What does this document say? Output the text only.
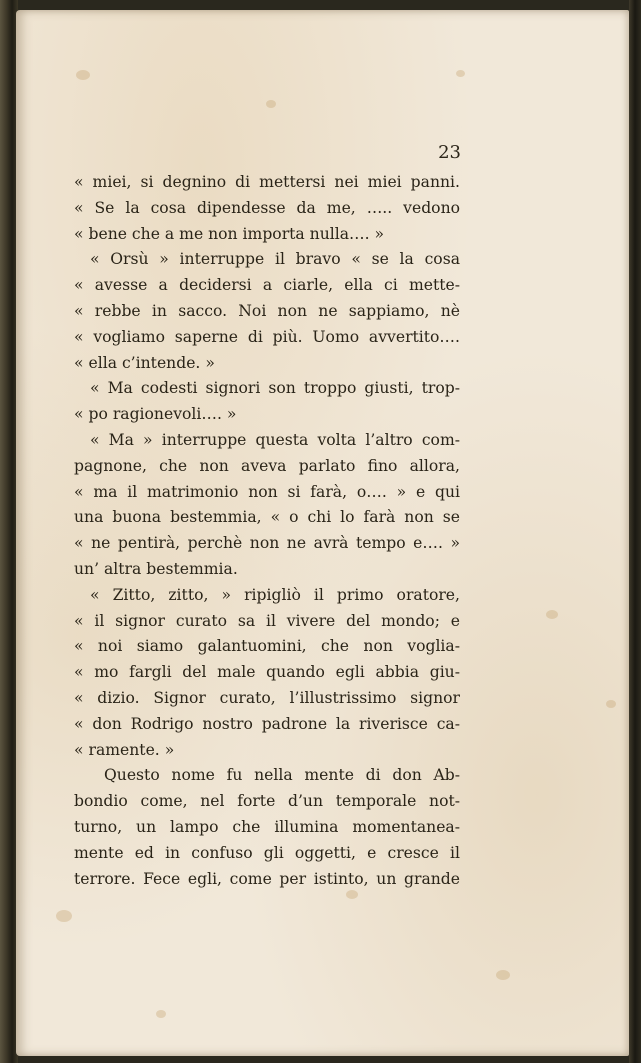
23
« miei, si degnino di mettersi nei miei panni.
« Se la cosa dipendesse da me, ….. vedono
« bene che a me non importa nulla…. »
« Orsù » interruppe il bravo « se la cosa
« avesse a decidersi a ciarle, ella ci mette-
« rebbe in sacco. Noi non ne sappiamo, nè
« vogliamo saperne di più. Uomo avvertito….
« ella c’intende. »
« Ma codesti signori son troppo giusti, trop-
« po ragionevoli…. »
« Ma » interruppe questa volta l’altro com-
pagnone, che non aveva parlato fino allora,
« ma il matrimonio non si farà, o…. » e qui
una buona bestemmia, « o chi lo farà non se
« ne pentirà, perchè non ne avrà tempo e…. »
un’ altra bestemmia.
« Zitto, zitto, » ripigliò il primo oratore,
« il signor curato sa il vivere del mondo; e
« noi siamo galantuomini, che non voglia-
« mo fargli del male quando egli abbia giu-
« dizio. Signor curato, l’illustrissimo signor
« don Rodrigo nostro padrone la riverisce ca-
« ramente. »
Questo nome fu nella mente di don Ab-
bondio come, nel forte d’un temporale not-
turno, un lampo che illumina momentanea-
mente ed in confuso gli oggetti, e cresce il
terrore. Fece egli, come per istinto, un grande
